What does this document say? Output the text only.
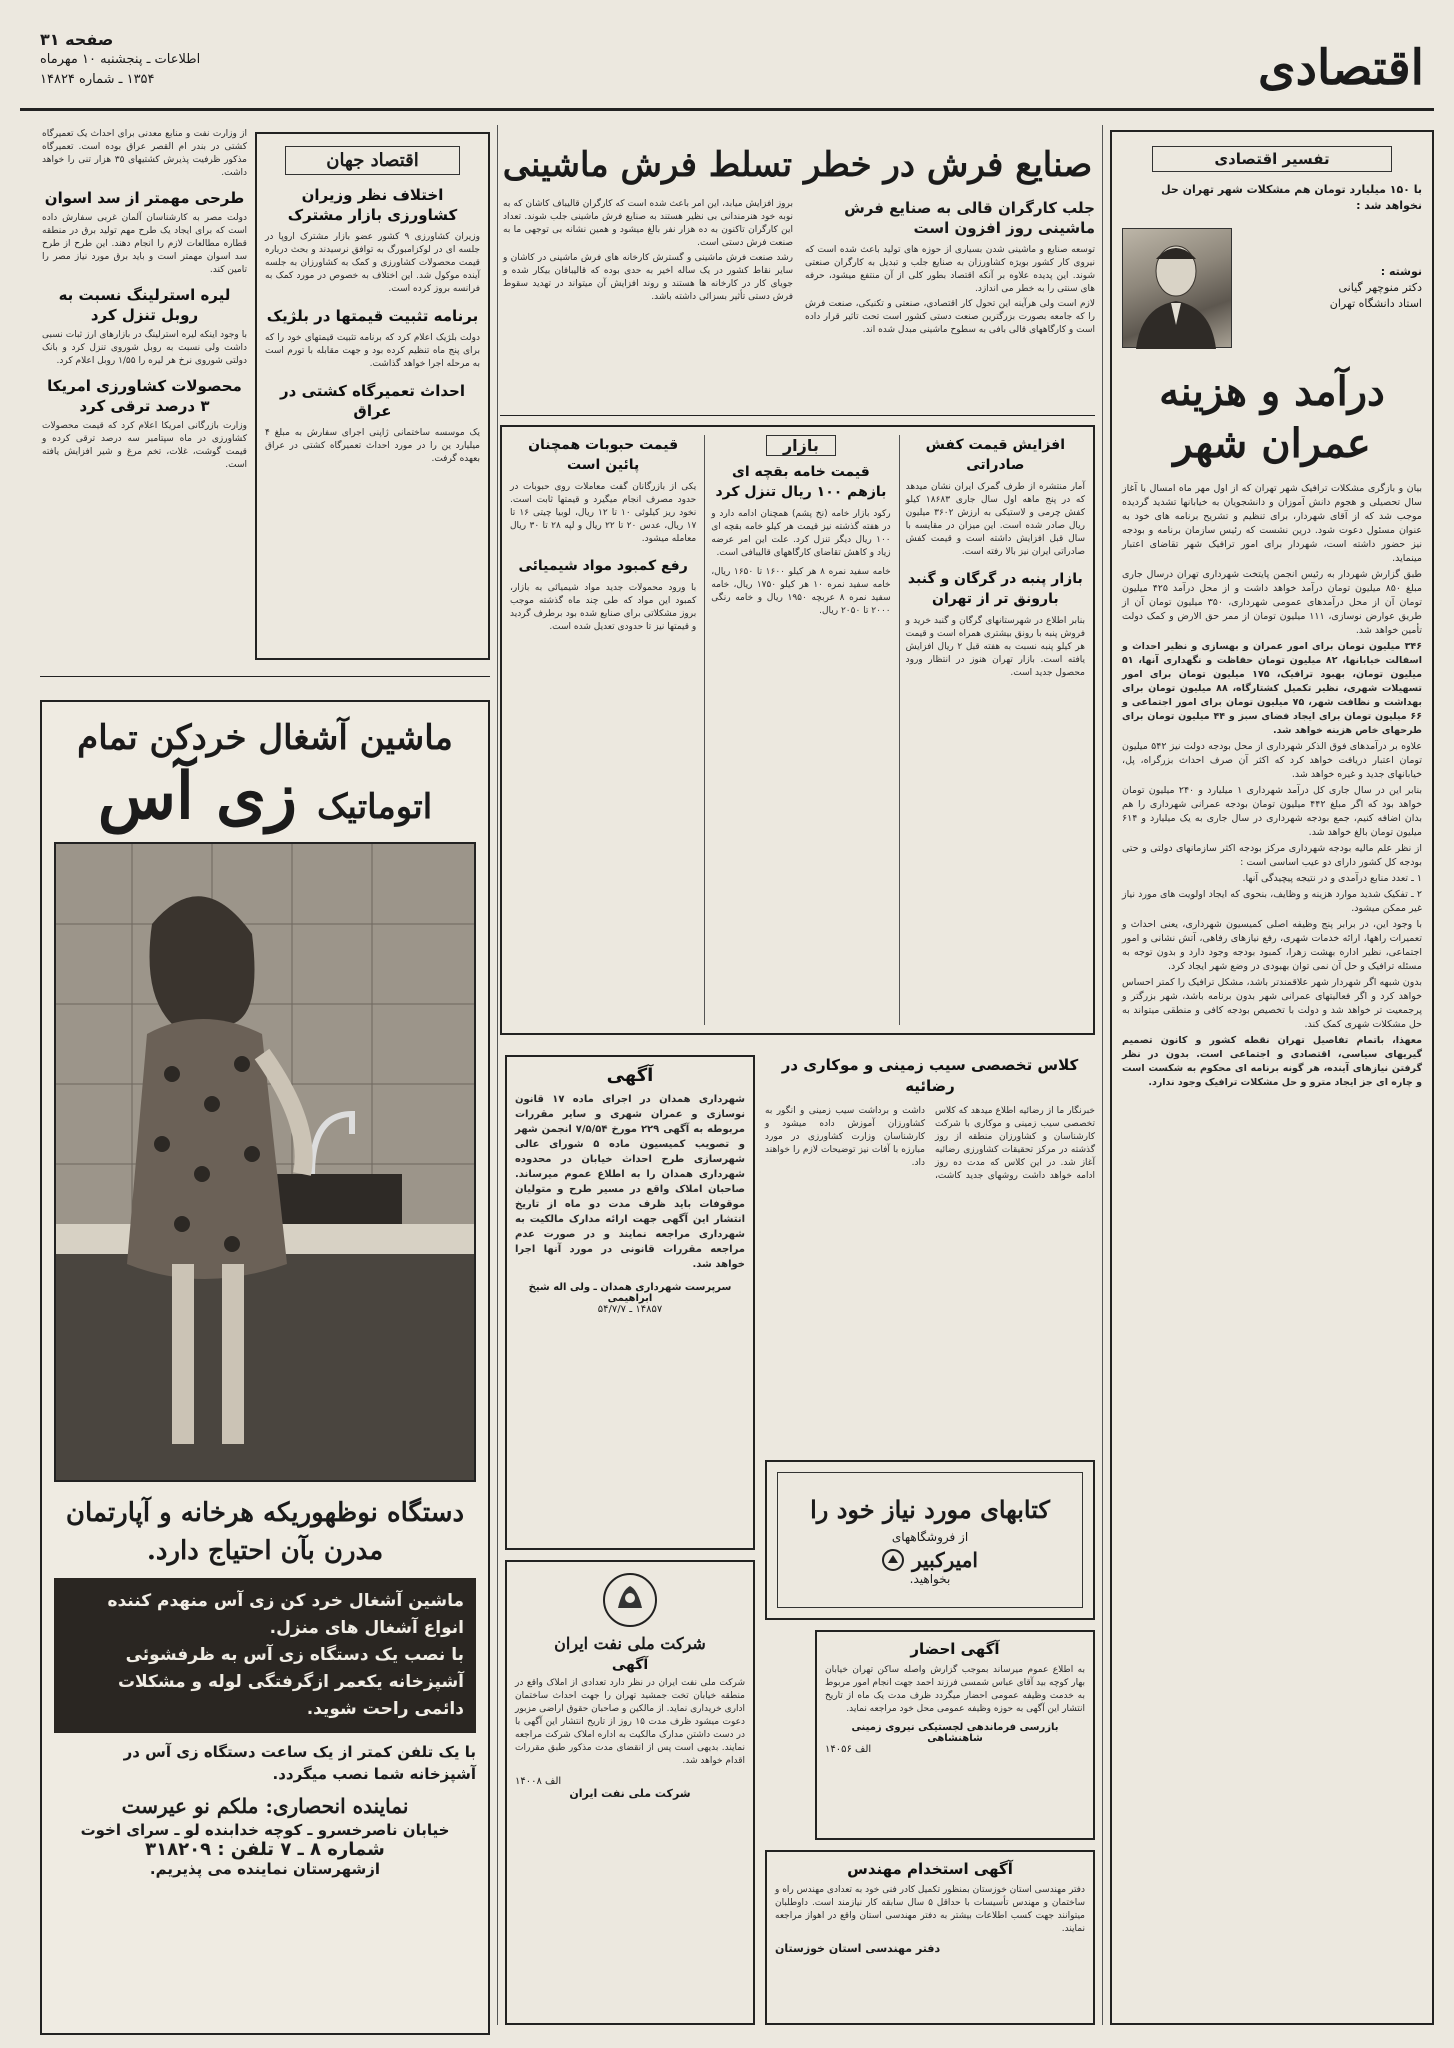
اقتصادی
صفحه ۳۱
اطلاعات ـ پنجشنبه ۱۰ مهرماه
۱۳۵۴ ـ شماره ۱۴۸۲۴
تفسیر اقتصادی
با ۱۵۰ میلیارد تومان هم مشکلات شهر تهران حل نخواهد شد :
نوشته :
دکتر منوچهر گیانی
استاد دانشگاه تهران
درآمد و هزینه عمران شهر

بیان و بازگری مشکلات ترافیک شهر تهران که از اول مهر ماه امسال با آغاز سال تحصیلی و هجوم دانش آموزان و دانشجویان به خیابانها تشدید گردیده موجب شد که از آقای شهردار، برای تنظیم و تشریح برنامه های خود به عنوان مسئول دعوت شود. درین نشست که رئیس سازمان برنامه و بودجه نیز حضور داشته است، شهردار برای امور ترافیک شهر تقاضای اعتبار مینماید.

طبق گزارش شهردار به رئیس انجمن پایتخت شهرداری تهران درسال جاری مبلغ ۸۵۰ میلیون تومان درآمد خواهد داشت و از محل درآمد ۴۲۵ میلیون تومان آن از محل درآمدهای عمومی شهرداری، ۳۵۰ میلیون تومان آن از طریق عوارض نوسازی، ۱۱۱ میلیون تومان از ممر حق الارض و کمک دولت تأمین خواهد شد.

۳۴۶ میلیون تومان برای امور عمران و بهسازی و نظیر احداث و اسفالت خیابانها، ۸۲ میلیون تومان حفاظت و نگهداری آنها، ۵۱ میلیون تومان، بهبود ترافیک، ۱۷۵ میلیون تومان برای امور تسهیلات شهری، نظیر تکمیل کشتارگاه، ۸۸ میلیون تومان برای بهداشت و نظافت شهر، ۷۵ میلیون تومان برای امور اجتماعی و ۶۶ میلیون تومان برای ایجاد فضای سبز و ۴۴ میلیون تومان برای طرحهای خاص هزینه خواهد شد.

علاوه بر درآمدهای فوق الذکر شهرداری از محل بودجه دولت نیز ۵۴۲ میلیون تومان اعتبار دریافت خواهد کرد که اکثر آن صرف احداث بزرگراه، پل، خیابانهای جدید و غیره خواهد شد.

بنابر این در سال جاری کل درآمد شهرداری ۱ میلیارد و ۲۴۰ میلیون تومان خواهد بود که اگر مبلغ ۴۴۲ میلیون تومان بودجه عمرانی شهرداری را هم بدان اضافه کنیم، جمع بودجه شهرداری در سال جاری به یک میلیارد و ۶۱۴ میلیون تومان بالغ خواهد شد.

از نظر علم مالیه بودجه شهرداری مرکز بودجه اکثر سازمانهای دولتی و حتی بودجه کل کشور دارای دو عیب اساسی است :

۱ ـ تعدد منابع درآمدی و در نتیجه پیچیدگی آنها.

۲ ـ تفکیک شدید موارد هزینه و وظایف، بنحوی که ایجاد اولویت های مورد نیاز غیر ممکن میشود.

با وجود این، در برابر پنج وظیفه اصلی کمیسیون شهرداری، یعنی احداث و تعمیرات راهها، ارائه خدمات شهری، رفع نیازهای رفاهی، آتش نشانی و امور اجتماعی، نظیر اداره بهشت زهرا، کمبود بودجه وجود دارد و بدون توجه به مسئله ترافیک و حل آن نمی توان بهبودی در وضع شهر ایجاد کرد.

بدون شبهه اگر شهردار شهر علاقمندتر باشد، مشکل ترافیک را کمتر احساس خواهد کرد و اگر فعالیتهای عمرانی شهر بدون برنامه باشد، شهر بزرگتر و پرجمعیت تر خواهد شد و دولت با تخصیص بودجه کافی و منطقی میتواند به حل مشکلات شهری کمک کند.

معهذا، باتمام تفاصیل تهران نقطه کشور و کانون تصمیم گیریهای سیاسی، اقتصادی و اجتماعی است. بدون در نظر گرفتن نیازهای آینده، هر گونه برنامه ای محکوم به شکست است و چاره ای جز ایجاد مترو و حل مشکلات ترافیک وجود ندارد.

صنایع فرش در خطر تسلط فرش ماشینی
جلب کارگران قالی به صنایع فرش ماشینی روز افزون است

توسعه صنایع و ماشینی شدن بسیاری از حوزه های تولید باعث شده است که نیروی کار کشور بویژه کشاورزان به صنایع جلب و تبدیل به کارگران صنعتی شوند. این پدیده علاوه بر آنکه اقتصاد بطور کلی از آن منتفع میشود، حرفه های سنتی را به خطر می اندازد.

لازم است ولی هرآینه این تحول کار اقتصادی، صنعتی و تکنیکی، صنعت فرش را که جامعه بصورت بزرگترین صنعت دستی کشور است تحت تاثیر قرار داده است و کارگاههای قالی بافی به سطوح ماشینی مبدل شده اند.

بروز افزایش میابد، این امر باعث شده است که کارگران قالیباف کاشان که به نوبه خود هنرمندانی بی نظیر هستند به صنایع فرش ماشینی جلب شوند. تعداد این کارگران تاکنون به ده هزار نفر بالغ میشود و همین نشانه بی توجهی ما به صنعت فرش دستی است.

رشد صنعت فرش ماشینی و گسترش کارخانه های فرش ماشینی در کاشان و سایر نقاط کشور در یک ساله اخیر به حدی بوده که قالیبافان بیکار شده و جویای کار در کارخانه ها هستند و روند افزایش آن میتواند در تهدید سقوط فرش دستی تأثیر بسزائی داشته باشد.

اقتصاد جهان
اختلاف نظر وزیران کشاورزی بازار مشترک
وزیران کشاورزی ۹ کشور عضو بازار مشترک اروپا در جلسه ای در لوکزامبورگ به توافق نرسیدند و بحث درباره قیمت محصولات کشاورزی و کمک به کشاورزان به جلسه آینده موکول شد. این اختلاف به خصوص در مورد کمک به فرانسه بروز کرده است.
برنامه تثبیت قیمتها در بلژیک
دولت بلژیک اعلام کرد که برنامه تثبیت قیمتهای خود را که برای پنج ماه تنظیم کرده بود و جهت مقابله با تورم است به مرحله اجرا خواهد گذاشت.
احداث تعمیرگاه کشتی در عراق
یک موسسه ساختمانی ژاپنی اجرای سفارش به مبلغ ۴ میلیارد ین را در مورد احداث تعمیرگاه کشتی در عراق بعهده گرفت.
از وزارت نفت و منابع معدنی برای احداث یک تعمیرگاه کشتی در بندر ام القصر عراق بوده است. تعمیرگاه مذکور ظرفیت پذیرش کشتیهای ۳۵ هزار تنی را خواهد داشت.
طرحی مهمتر از سد اسوان
دولت مصر به کارشناسان آلمان غربی سفارش داده است که برای ایجاد یک طرح مهم تولید برق در منطقه قطاره مطالعات لازم را انجام دهند. این طرح از طرح سد اسوان مهمتر است و باید برق مورد نیاز مصر را تامین کند.
لیره استرلینگ نسبت به روبل تنزل کرد
با وجود اینکه لیره استرلینگ در بازارهای ارز ثبات نسبی داشت ولی نسبت به روبل شوروی تنزل کرد و بانک دولتی شوروی نرخ هر لیره را ۱/۵۵ روبل اعلام کرد.
محصولات کشاورزی امریکا ۳ درصد ترقی کرد
وزارت بازرگانی امریکا اعلام کرد که قیمت محصولات کشاورزی در ماه سپتامبر سه درصد ترقی کرده و قیمت گوشت، غلات، تخم مرغ و شیر افزایش یافته است.
افزایش قیمت کفش صادراتی
آمار منتشره از طرف گمرک ایران نشان میدهد که در پنج ماهه اول سال جاری ۱۸۶۸۳ کیلو کفش چرمی و لاستیکی به ارزش ۳۶۰۲ میلیون ریال صادر شده است. این میزان در مقایسه با سال قبل افزایش داشته است و قیمت کفش صادراتی ایران نیز بالا رفته است.
بازار پنبه در گرگان و گنبد بارونق تر از تهران
بنابر اطلاع در شهرستانهای گرگان و گنبد خرید و فروش پنبه با رونق بیشتری همراه است و قیمت هر کیلو پنبه نسبت به هفته قبل ۲ ریال افزایش یافته است. بازار تهران هنوز در انتظار ورود محصول جدید است.
بازار
قیمت خامه بقچه ای بازهم ۱۰۰ ریال تنزل کرد
رکود بازار خامه (نخ پشم) همچنان ادامه دارد و در هفته گذشته نیز قیمت هر کیلو خامه بقچه ای ۱۰۰ ریال دیگر تنزل کرد. علت این امر عرضه زیاد و کاهش تقاضای کارگاههای قالیبافی است.
خامه سفید نمره ۸ هر کیلو ۱۶۰۰ تا ۱۶۵۰ ریال، خامه سفید نمره ۱۰ هر کیلو ۱۷۵۰ ریال، خامه سفید نمره ۸ عربچه ۱۹۵۰ ریال و خامه رنگی ۲۰۰۰ تا ۲۰۵۰ ریال.
قیمت حبوبات همچنان پائین است
یکی از بازرگانان گفت معاملات روی حبوبات در حدود مصرف انجام میگیرد و قیمتها ثابت است. نخود ریز کیلوئی ۱۰ تا ۱۲ ریال، لوبیا چیتی ۱۶ تا ۱۷ ریال، عدس ۲۰ تا ۲۲ ریال و لپه ۲۸ تا ۳۰ ریال معامله میشود.
رفع کمبود مواد شیمیائی
با ورود محمولات جدید مواد شیمیائی به بازار، کمبود این مواد که طی چند ماه گذشته موجب بروز مشکلاتی برای صنایع شده بود برطرف گردید و قیمتها نیز تا حدودی تعدیل شده است.
آگهی
شهرداری همدان در اجرای ماده ۱۷ قانون نوسازی و عمران شهری و سایر مقررات مربوطه به آگهی ۲۲۹ مورخ ۷/۵/۵۴ انجمن شهر و تصویب کمیسیون ماده ۵ شورای عالی شهرسازی طرح احداث خیابان در محدوده شهرداری همدان را به اطلاع عموم میرساند. صاحبان املاک واقع در مسیر طرح و متولیان موقوفات باید ظرف مدت دو ماه از تاریخ انتشار این آگهی جهت ارائه مدارک مالکیت به شهرداری مراجعه نمایند و در صورت عدم مراجعه مقررات قانونی در مورد آنها اجرا خواهد شد.
سرپرست شهرداری همدان ـ ولی اله شیخ ابراهیمی
۱۴۸۵۷ ـ ۵۴/۷/۷
کلاس تخصصی سیب زمینی و موکاری در رضائیه
خبرنگار ما از رضائیه اطلاع میدهد که کلاس تخصصی سیب زمینی و موکاری با شرکت کارشناسان و کشاورزان منطقه از روز گذشته در مرکز تحقیقات کشاورزی رضائیه آغاز شد. در این کلاس که مدت ده روز ادامه خواهد داشت روشهای جدید کاشت، داشت و برداشت سیب زمینی و انگور به کشاورزان آموزش داده میشود و کارشناسان وزارت کشاورزی در مورد مبارزه با آفات نیز توضیحات لازم را خواهند داد.
کتابهای مورد نیاز خود را
از فروشگاههای
امیرکبیر
بخواهید.
شرکت ملی نفت ایران
آگهی
شرکت ملی نفت ایران در نظر دارد تعدادی از املاک واقع در منطقه خیابان تخت جمشید تهران را جهت احداث ساختمان اداری خریداری نماید. از مالکین و صاحبان حقوق اراضی مزبور دعوت میشود ظرف مدت ۱۵ روز از تاریخ انتشار این آگهی با در دست داشتن مدارک مالکیت به اداره املاک شرکت مراجعه نمایند. بدیهی است پس از انقضای مدت مذکور طبق مقررات اقدام خواهد شد.
الف ۱۴۰۰۸
شرکت ملی نفت ایران
آگهی احضار
به اطلاع عموم میرساند بموجب گزارش واصله ساکن تهران خیابان بهار کوچه بید آقای عباس شمسی فرزند احمد جهت انجام امور مربوط به خدمت وظیفه عمومی احضار میگردد ظرف مدت یک ماه از تاریخ انتشار این آگهی به حوزه وظیفه عمومی محل خود مراجعه نماید.
بازرسی فرماندهی لجستیکی نیروی زمینی شاهنشاهی
الف ۱۴۰۵۶
آگهی استخدام مهندس
دفتر مهندسی استان خوزستان بمنظور تکمیل کادر فنی خود به تعدادی مهندس راه و ساختمان و مهندس تأسیسات با حداقل ۵ سال سابقه کار نیازمند است. داوطلبان میتوانند جهت کسب اطلاعات بیشتر به دفتر مهندسی استان واقع در اهواز مراجعه نمایند.
دفتر مهندسی استان خوزستان
ماشین آشغال خردکن تمام
اتوماتیک
زی آس
دستگاه نوظهوریکه هرخانه و آپارتمان مدرن بآن احتیاج دارد.
ماشین آشغال خرد کن زی آس منهدم کننده انواع آشغال های منزل.
با نصب یک دستگاه زی آس به ظرفشوئی آشپزخانه یکعمر ازگرفتگی لوله و مشکلات دائمی راحت شوید.
با یک تلفن کمتر از یک ساعت دستگاه زی آس در آشپزخانه شما نصب میگردد.
نماینده انحصاری: ملکم نو عیرست
خیابان ناصرخسرو ـ کوچه خدابنده لو ـ سرای اخوت
شماره ۸ ـ ۷ تلفن : ۳۱۸۲۰۹
ازشهرستان نماینده می پذیریم.
